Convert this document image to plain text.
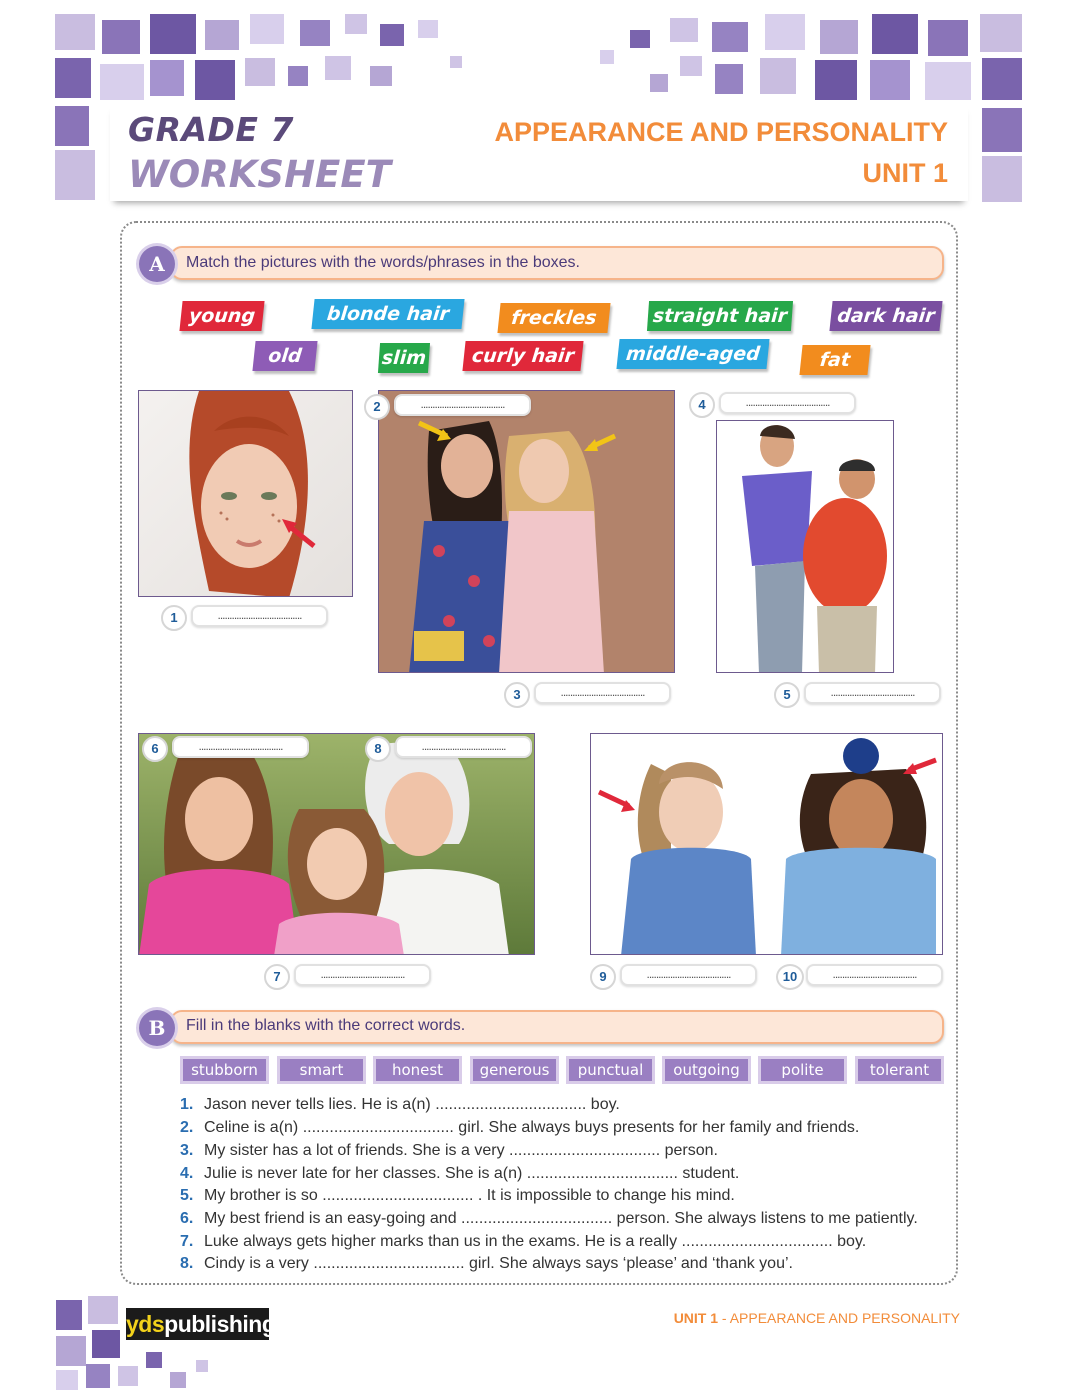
GRADE 7
WORKSHEET
APPEARANCE AND PERSONALITY
UNIT 1
A	Match the pictures with the words/phrases in the boxes.
young	blonde hair	freckles	straight hair	dark hair
old	slim	curly hair	middle-aged	fat
1	....................................
2	....................................
3	....................................
4	....................................
5	....................................
6	....................................	8	....................................
7	....................................	9	....................................	10	....................................
B	Fill in the blanks with the correct words.
stubborn	smart	honest	generous	punctual	outgoing	polite	tolerant
1. Jason never tells lies. He is a(n) .................................. boy.
2. Celine is a(n) .................................. girl. She always buys presents for her family and friends.
3. My sister has a lot of friends. She is a very .................................. person.
4. Julie is never late for her classes. She is a(n) .................................. student.
5. My brother is so .................................. . It is impossible to change his mind.
6. My best friend is an easy-going and .................................. person. She always listens to me patiently.
7. Luke always gets higher marks than us in the exams. He is a really .................................. boy.
8. Cindy is a very .................................. girl. She always says ‘please’ and ‘thank you’.
ydspublishing	UNIT 1 - APPEARANCE AND PERSONALITY
